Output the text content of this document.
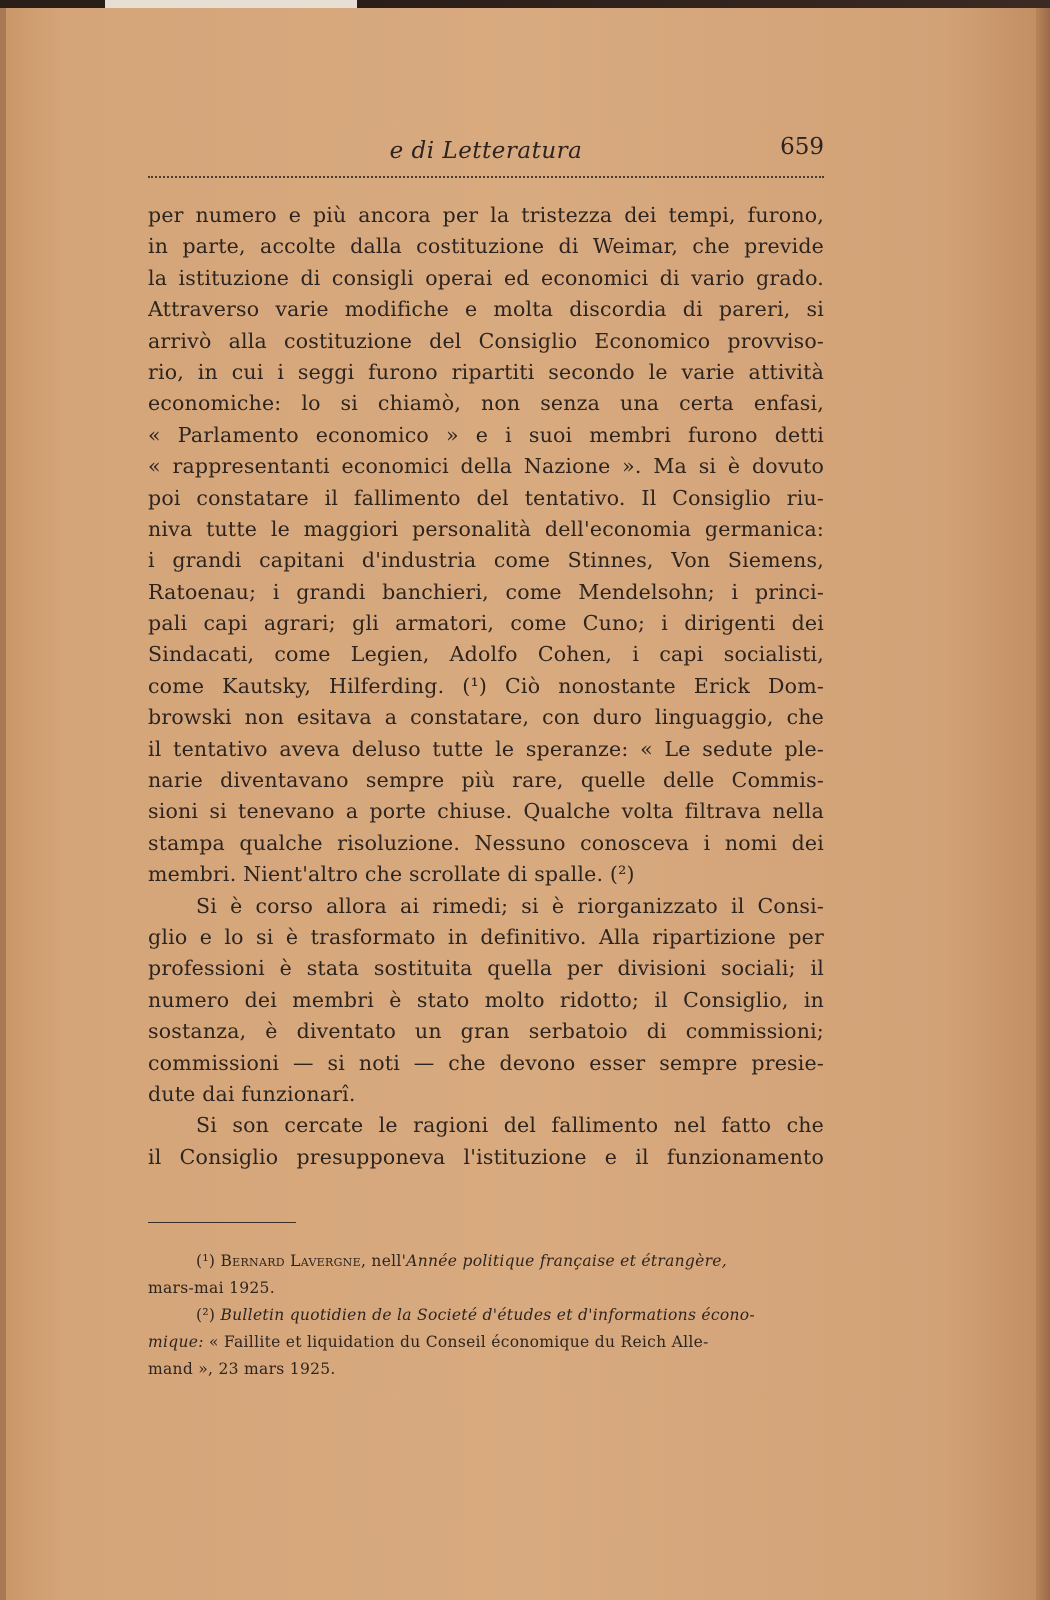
e di Letteratura	659
per numero e più ancora per la tristezza dei tempi, furono,
in parte, accolte dalla costituzione di Weimar, che previde
la istituzione di consigli operai ed economici di vario grado.
Attraverso varie modifiche e molta discordia di pareri, si
arrivò alla costituzione del Consiglio Economico provviso-
rio, in cui i seggi furono ripartiti secondo le varie attività
economiche: lo si chiamò, non senza una certa enfasi,
« Parlamento economico » e i suoi membri furono detti
« rappresentanti economici della Nazione ». Ma si è dovuto
poi constatare il fallimento del tentativo. Il Consiglio riu-
niva tutte le maggiori personalità dell'economia germanica:
i grandi capitani d'industria come Stinnes, Von Siemens,
Ratoenau; i grandi banchieri, come Mendelsohn; i princi-
pali capi agrari; gli armatori, come Cuno; i dirigenti dei
Sindacati, come Legien, Adolfo Cohen, i capi socialisti,
come Kautsky, Hilferding. (¹) Ciò nonostante Erick Dom-
browski non esitava a constatare, con duro linguaggio, che
il tentativo aveva deluso tutte le speranze: « Le sedute ple-
narie diventavano sempre più rare, quelle delle Commis-
sioni si tenevano a porte chiuse. Qualche volta filtrava nella
stampa qualche risoluzione. Nessuno conosceva i nomi dei
membri. Nient'altro che scrollate di spalle. (²)
Si è corso allora ai rimedi; si è riorganizzato il Consi-
glio e lo si è trasformato in definitivo. Alla ripartizione per
professioni è stata sostituita quella per divisioni sociali; il
numero dei membri è stato molto ridotto; il Consiglio, in
sostanza, è diventato un gran serbatoio di commissioni;
commissioni — si noti — che devono esser sempre presie-
dute dai funzionarî.
Si son cercate le ragioni del fallimento nel fatto che
il Consiglio presupponeva l'istituzione e il funzionamento
(¹) Bernard Lavergne, nell'Année politique française et étrangère,
mars-mai 1925.
(²) Bulletin quotidien de la Societé d'études et d'informations écono-
mique: « Faillite et liquidation du Conseil économique du Reich Alle-
mand », 23 mars 1925.
